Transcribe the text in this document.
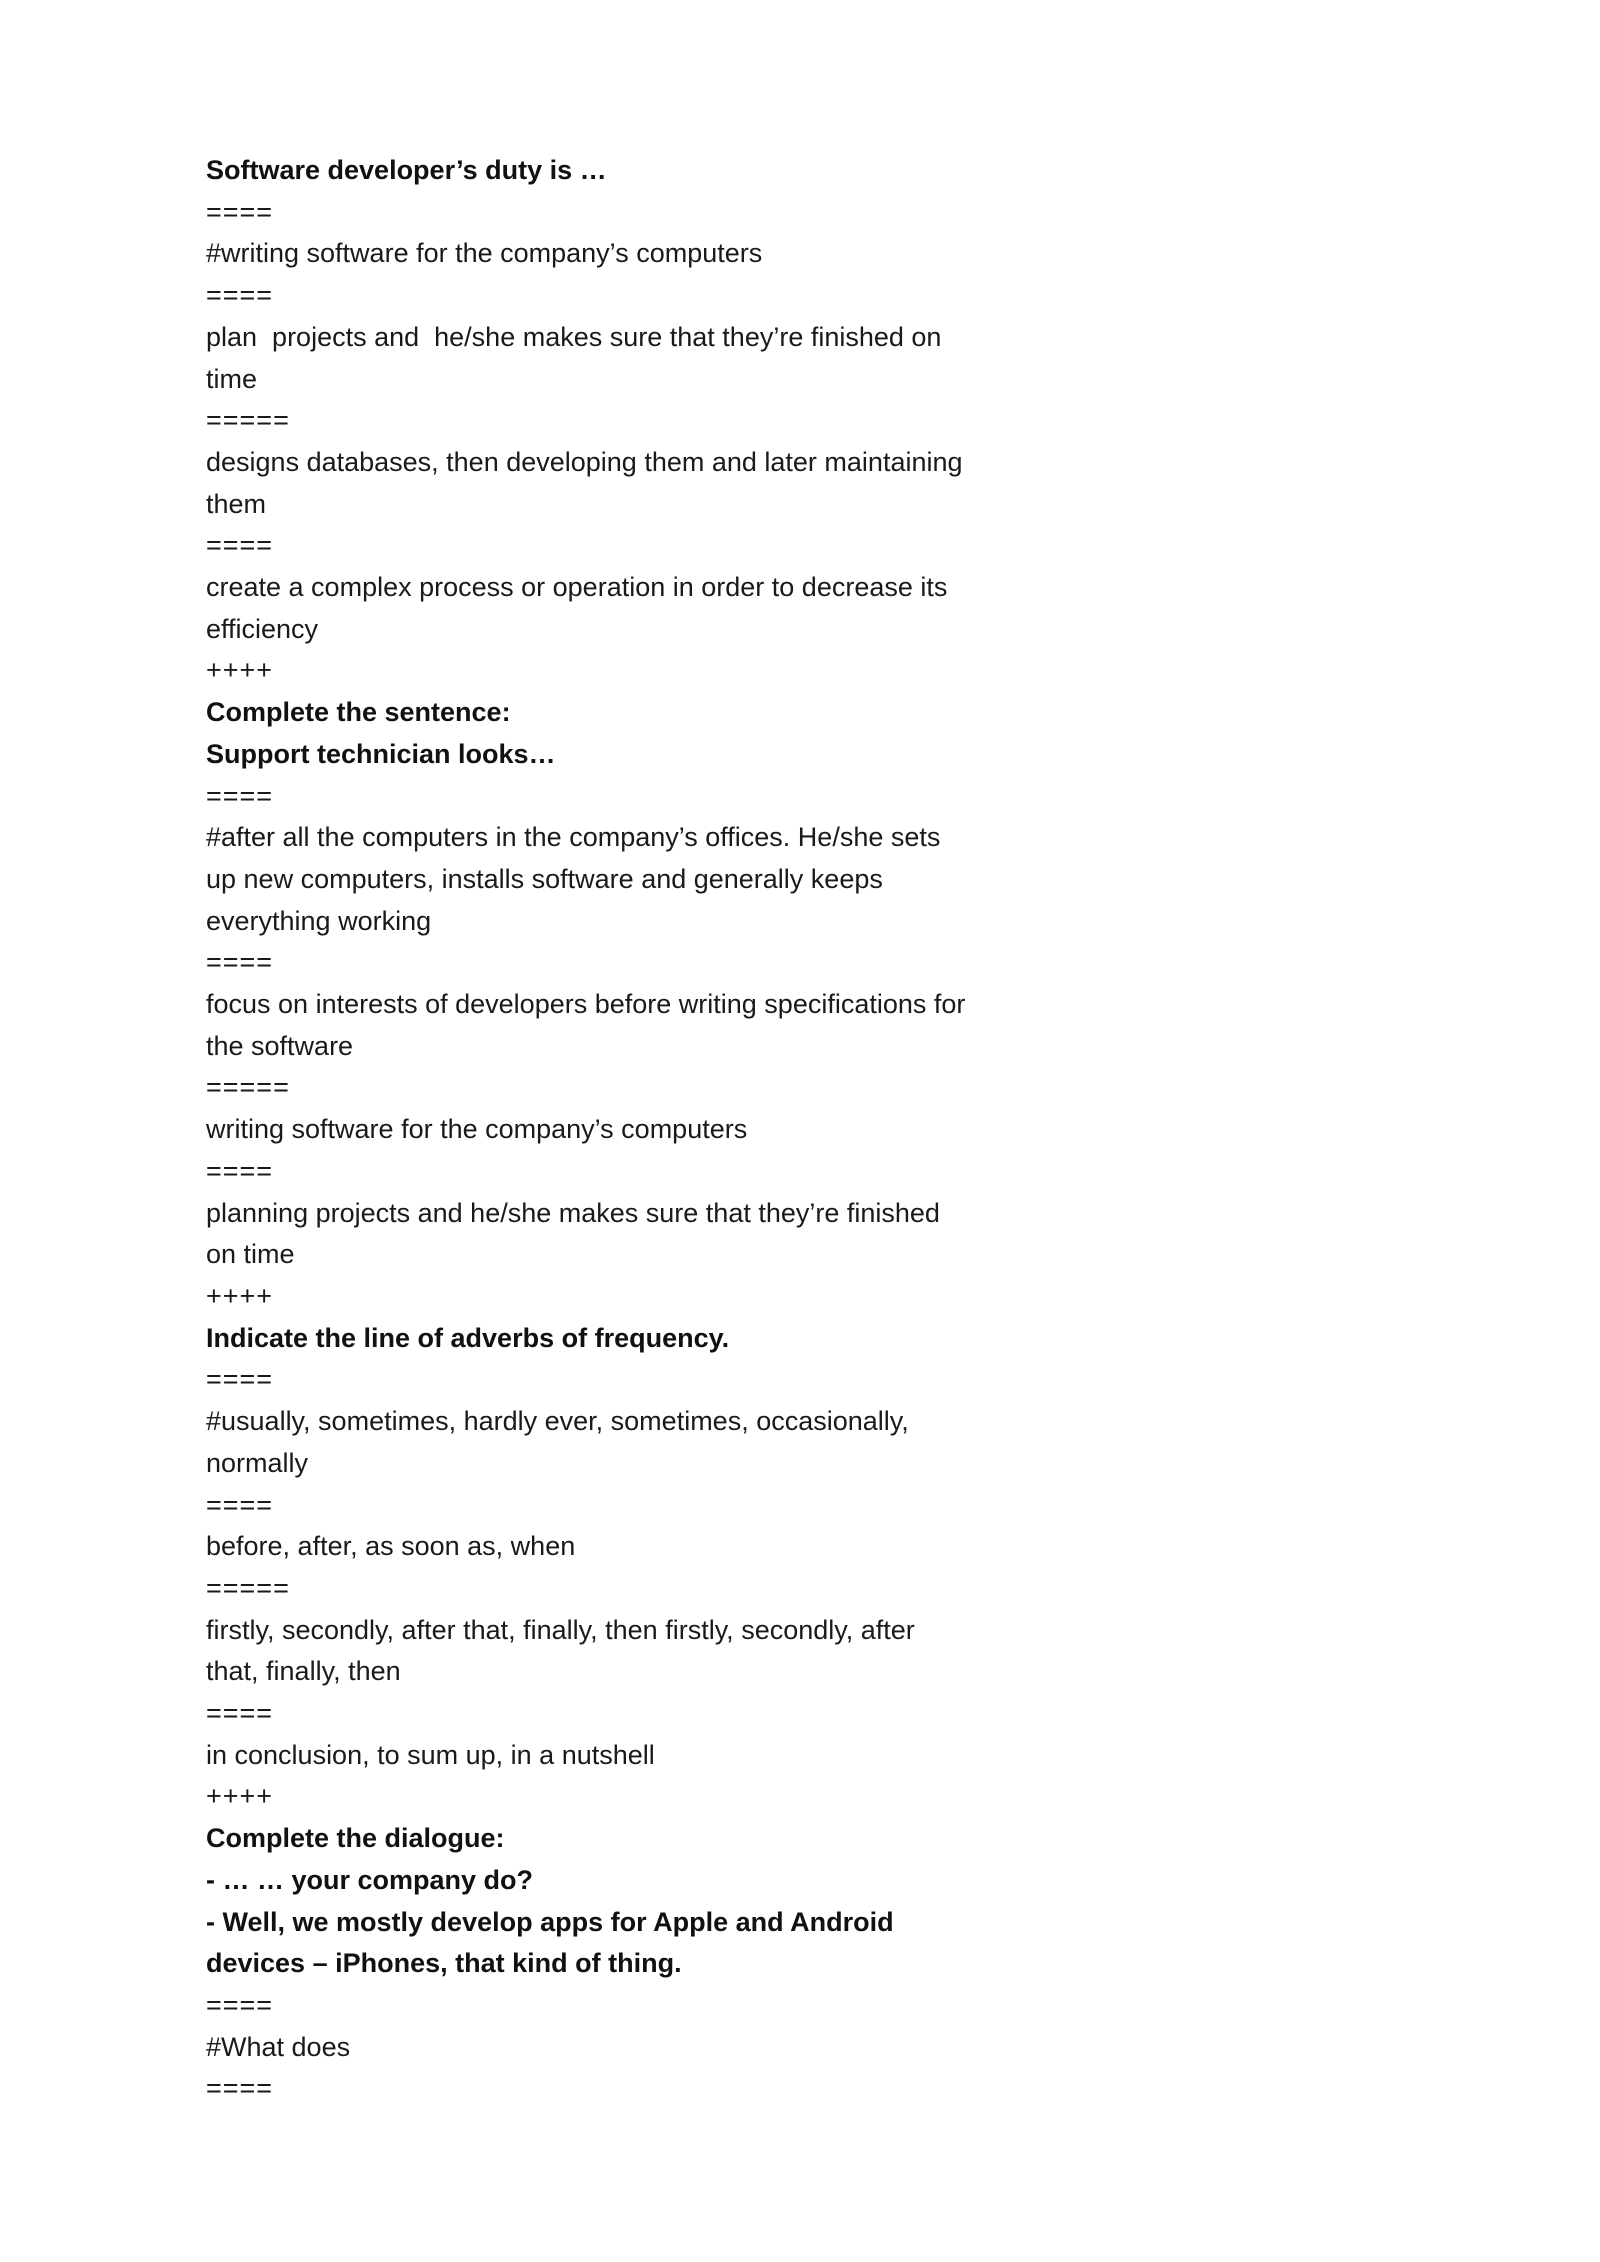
Software developer’s duty is …
====
#writing software for the company’s computers
====
plan  projects and  he/she makes sure that they’re finished on time
=====
designs databases, then developing them and later maintaining  them
====
create a complex process or operation in order to decrease its efficiency
++++
Complete the sentence:
Support technician looks…
====
#after all the computers in the company’s offices. He/she sets up new computers, installs software and generally keeps everything working
====
focus on interests of developers before writing specifications for the software
=====
writing software for the company’s computers
====
planning projects and he/she makes sure that they’re finished on time
++++
Indicate the line of adverbs of frequency.
====
#usually, sometimes, hardly ever, sometimes, occasionally, normally
====
before, after, as soon as, when
=====
firstly, secondly, after that, finally, then firstly, secondly, after that, finally, then
====
in conclusion, to sum up, in a nutshell
++++
Complete the dialogue:
- … … your company do?
- Well, we mostly develop apps for Apple and Android devices – iPhones, that kind of thing.
====
#What does
====
